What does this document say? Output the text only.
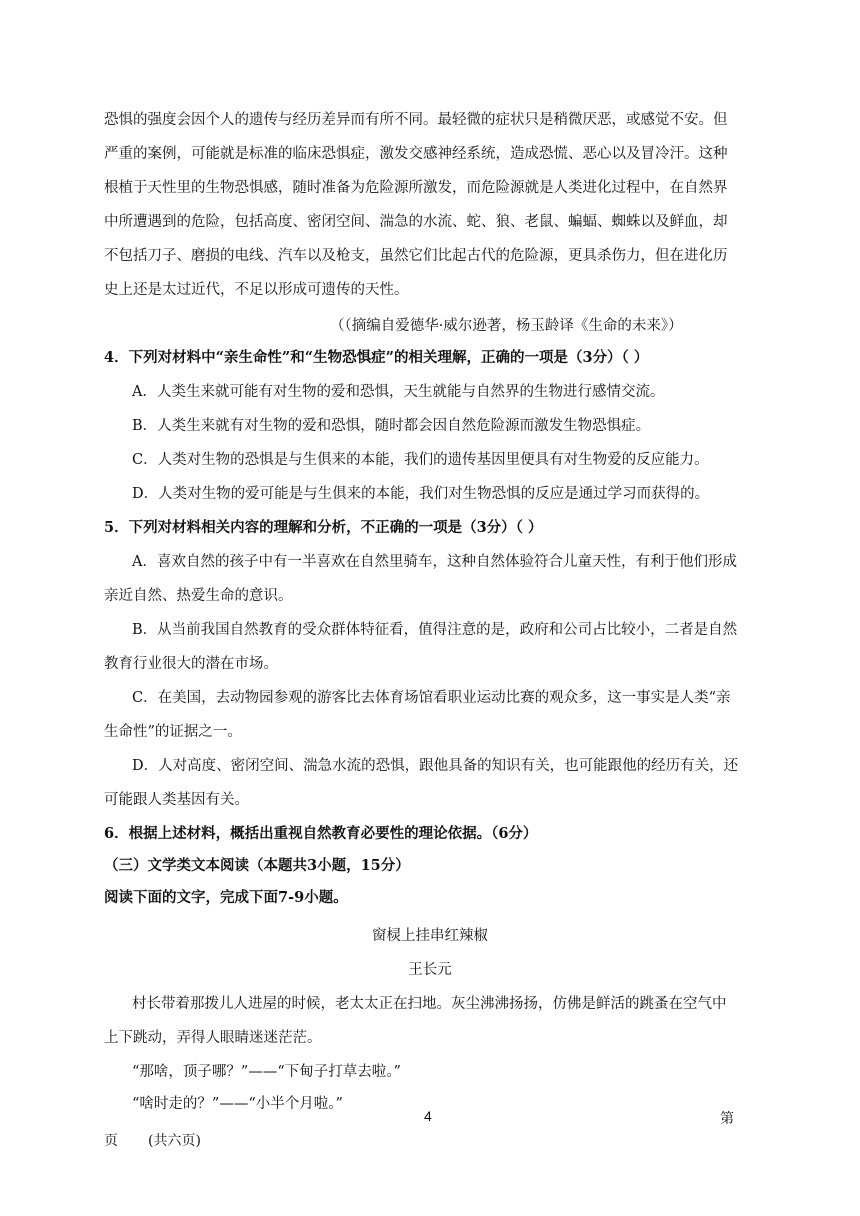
恐惧的强度会因个人的遗传与经历差异而有所不同。最轻微的症状只是稍微厌恶，或感觉不安。但
严重的案例，可能就是标准的临床恐惧症，激发交感神经系统，造成恐慌、恶心以及冒冷汗。这种
根植于天性里的生物恐惧感，随时准备为危险源所激发，而危险源就是人类进化过程中，在自然界
中所遭遇到的危险，包括高度、密闭空间、湍急的水流、蛇、狼、老鼠、蝙蝠、蜘蛛以及鲜血，却
不包括刀子、磨损的电线、汽车以及枪支，虽然它们比起古代的危险源，更具杀伤力，但在进化历
史上还是太过近代，不足以形成可遗传的天性。
（（摘编自爱德华·威尔逊著，杨玉龄译《生命的未来》）
4．下列对材料中“亲生命性”和“生物恐惧症”的相关理解，正确的一项是（3分）（ ）
A．人类生来就可能有对生物的爱和恐惧，天生就能与自然界的生物进行感情交流。
B．人类生来就有对生物的爱和恐惧，随时都会因自然危险源而激发生物恐惧症。
C．人类对生物的恐惧是与生俱来的本能，我们的遗传基因里便具有对生物爱的反应能力。
D．人类对生物的爱可能是与生俱来的本能，我们对生物恐惧的反应是通过学习而获得的。
5．下列对材料相关内容的理解和分析，不正确的一项是（3分）（ ）
A．喜欢自然的孩子中有一半喜欢在自然里骑车，这种自然体验符合儿童天性，有利于他们形成
亲近自然、热爱生命的意识。
B．从当前我国自然教育的受众群体特征看，值得注意的是，政府和公司占比较小，二者是自然
教育行业很大的潜在市场。
C．在美国，去动物园参观的游客比去体育场馆看职业运动比赛的观众多，这一事实是人类“亲
生命性”的证据之一。
D．人对高度、密闭空间、湍急水流的恐惧，跟他具备的知识有关，也可能跟他的经历有关，还
可能跟人类基因有关。
6．根据上述材料，概括出重视自然教育必要性的理论依据。（6分）
（三）文学类文本阅读（本题共3小题，15分）
阅读下面的文字，完成下面7-9小题。
窗棂上挂串红辣椒
王长元
村长带着那拨儿人进屋的时候，老太太正在扫地。灰尘沸沸扬扬，仿佛是鲜活的跳蚤在空气中
上下跳动，弄得人眼睛迷迷茫茫。
“那啥，顶子哪？”——“下甸子打草去啦。”
“啥时走的？”——“小半个月啦。”
4	第
页 (共六页)
